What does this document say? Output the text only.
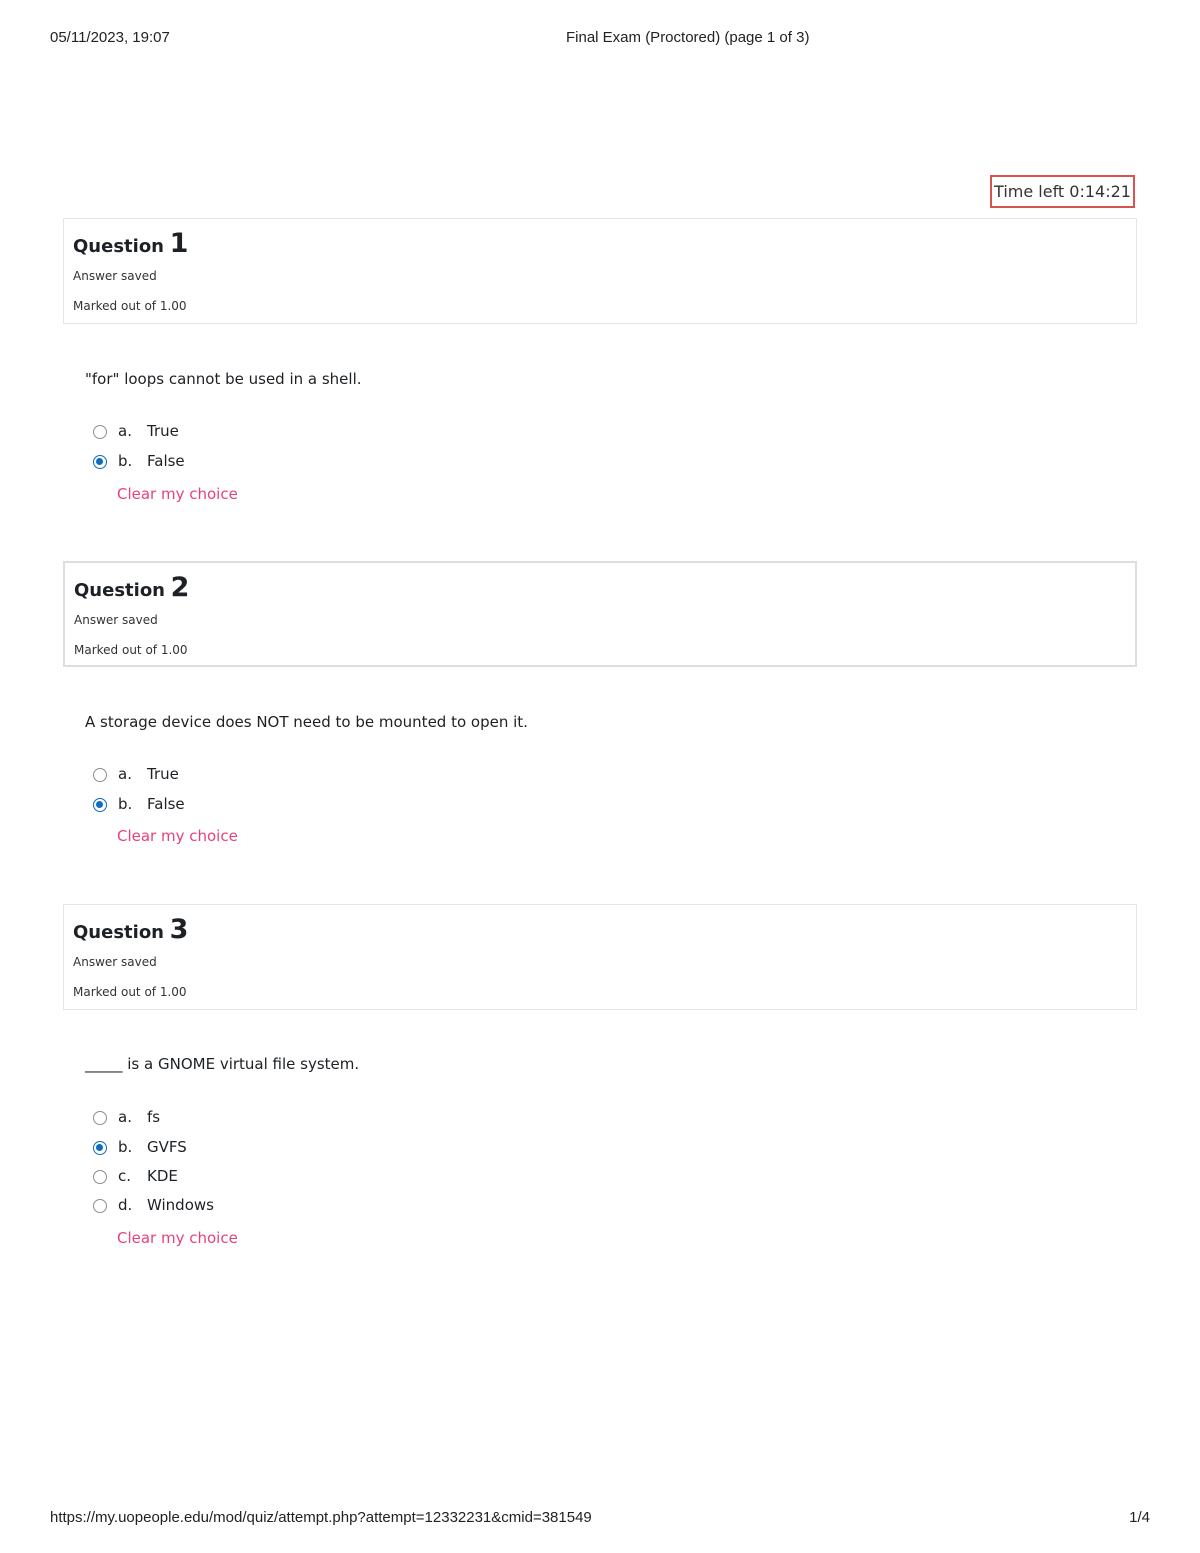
05/11/2023, 19:07	Final Exam (Proctored) (page 1 of 3)
Time left 0:14:21
Question 1
Answer saved
Marked out of 1.00
"for" loops cannot be used in a shell.
a. True
b. False
Clear my choice
Question 2
Answer saved
Marked out of 1.00
A storage device does NOT need to be mounted to open it.
a. True
b. False
Clear my choice
Question 3
Answer saved
Marked out of 1.00
_____ is a GNOME virtual file system.
a. fs
b. GVFS
c. KDE
d. Windows
Clear my choice
https://my.uopeople.edu/mod/quiz/attempt.php?attempt=12332231&cmid=381549	1/4
